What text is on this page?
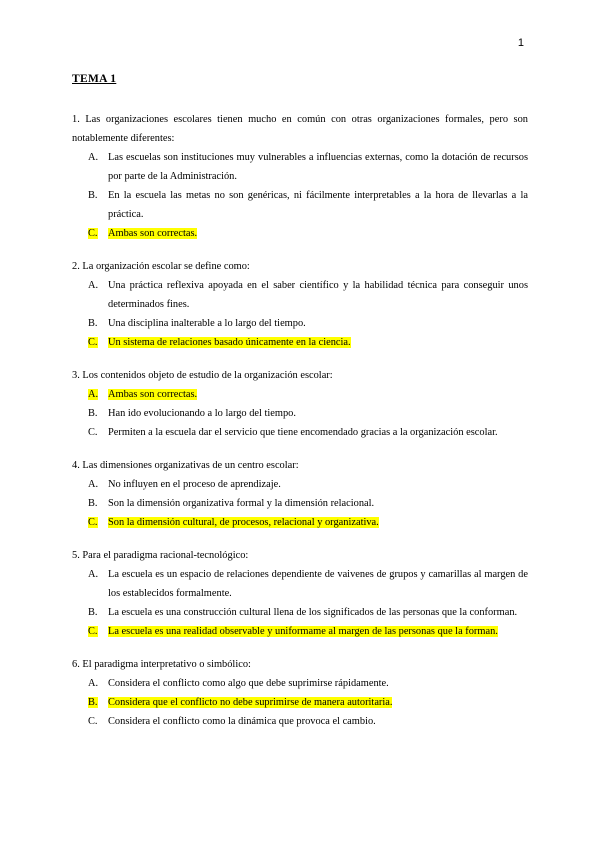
1
TEMA 1
1. Las organizaciones escolares tienen mucho en común con otras organizaciones formales, pero son notablemente diferentes:
A. Las escuelas son instituciones muy vulnerables a influencias externas, como la dotación de recursos por parte de la Administración.
B.	En la escuela las metas no son genéricas, ni fácilmente interpretables a la hora de llevarlas a la práctica.
C.	Ambas son correctas.
2. La organización escolar se define como:
A. Una práctica reflexiva apoyada en el saber científico y la habilidad técnica para conseguir unos determinados fines.
B.	Una disciplina inalterable a lo largo del tiempo.
C.	Un sistema de relaciones basado únicamente en la ciencia.
3. Los contenidos objeto de estudio de la organización escolar:
A. Ambas son correctas.
B.	Han ido evolucionando a lo largo del tiempo.
C.	Permiten a la escuela dar el servicio que tiene encomendado gracias a la organización escolar.
4. Las dimensiones organizativas de un centro escolar:
A. No influyen en el proceso de aprendizaje.
B.	Son la dimensión organizativa formal y la dimensión relacional.
C.	Son la dimensión cultural, de procesos, relacional y organizativa.
5. Para el paradigma racional-tecnológico:
A. La escuela es un espacio de relaciones dependiente de vaivenes de grupos y camarillas al margen de los establecidos formalmente.
B.	La escuela es una construcción cultural llena de los significados de las personas que la conforman.
C.	La escuela es una realidad observable y uniformame al margen de las personas que la forman.
6. El paradigma interpretativo o simbólico:
A. Considera el conflicto como algo que debe suprimirse rápidamente.
B.	Considera que el conflicto no debe suprimirse de manera autoritaria.
C.	Considera el conflicto como la dinámica que provoca el cambio.
